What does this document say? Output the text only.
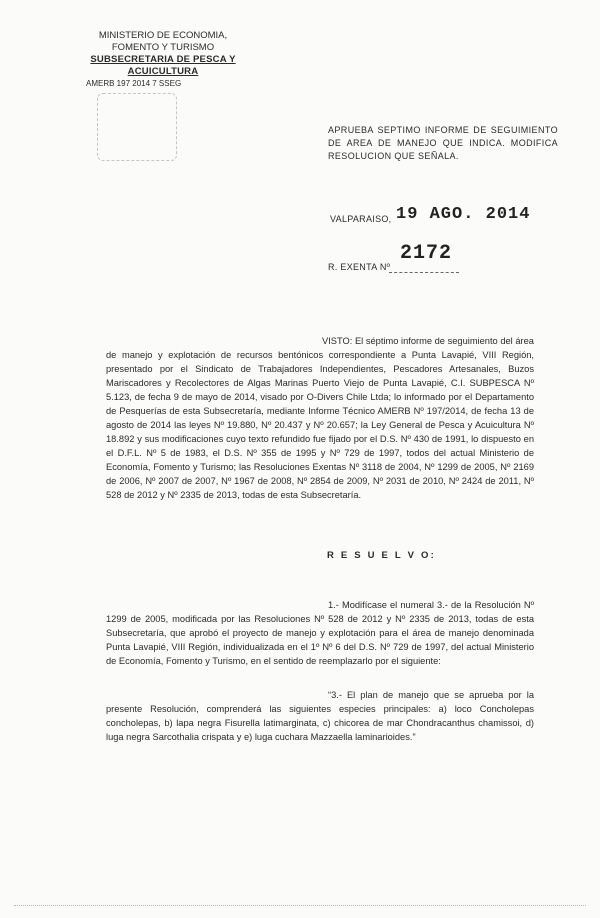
MINISTERIO DE ECONOMIA,
FOMENTO Y TURISMO
SUBSECRETARIA DE PESCA Y ACUICULTURA
AMERB 197 2014 7 SSEG
APRUEBA SEPTIMO INFORME DE SEGUIMIENTO DE AREA DE MANEJO QUE INDICA. MODIFICA RESOLUCION QUE SEÑALA.
VALPARAISO, 19 AGO. 2014
2172
R. EXENTA Nº
VISTO: El séptimo informe de seguimiento del área de manejo y explotación de recursos bentónicos correspondiente a Punta Lavapié, VIII Región, presentado por el Sindicato de Trabajadores Independientes, Pescadores Artesanales, Buzos Mariscadores y Recolectores de Algas Marinas Puerto Viejo de Punta Lavapié, C.I. SUBPESCA Nº 5.123, de fecha 9 de mayo de 2014, visado por O-Divers Chile Ltda; lo informado por el Departamento de Pesquerías de esta Subsecretaría, mediante Informe Técnico AMERB Nº 197/2014, de fecha 13 de agosto de 2014 las leyes Nº 19.880, Nº 20.437 y Nº 20.657; la Ley General de Pesca y Acuicultura Nº 18.892 y sus modificaciones cuyo texto refundido fue fijado por el D.S. Nº 430 de 1991, lo dispuesto en el D.F.L. Nº 5 de 1983, el D.S. Nº 355 de 1995 y Nº 729 de 1997, todos del actual Ministerio de Economía, Fomento y Turismo; las Resoluciones Exentas Nº 3118 de 2004, Nº 1299 de 2005, Nº 2169 de 2006, Nº 2007 de 2007, Nº 1967 de 2008, Nº 2854 de 2009, Nº 2031 de 2010, Nº 2424 de 2011, Nº 528 de 2012 y Nº 2335 de 2013, todas de esta Subsecretaría.
R E S U E L V O:
1.- Modifícase el numeral 3.- de la Resolución Nº 1299 de 2005, modificada por las Resoluciones Nº 528 de 2012 y Nº 2335 de 2013, todas de esta Subsecretaría, que aprobó el proyecto de manejo y explotación para el área de manejo denominada Punta Lavapié, VIII Región, individualizada en el 1º Nº 6 del D.S. Nº 729 de 1997, del actual Ministerio de Economía, Fomento y Turismo, en el sentido de reemplazarlo por el siguiente:
“3.- El plan de manejo que se aprueba por la presente Resolución, comprenderá las siguientes especies principales: a) loco Concholepas concholepas, b) lapa negra Fisurella latimarginata, c) chicorea de mar Chondracanthus chamissoi, d) luga negra Sarcothalia crispata y e) luga cuchara Mazzaella laminarioides.”
